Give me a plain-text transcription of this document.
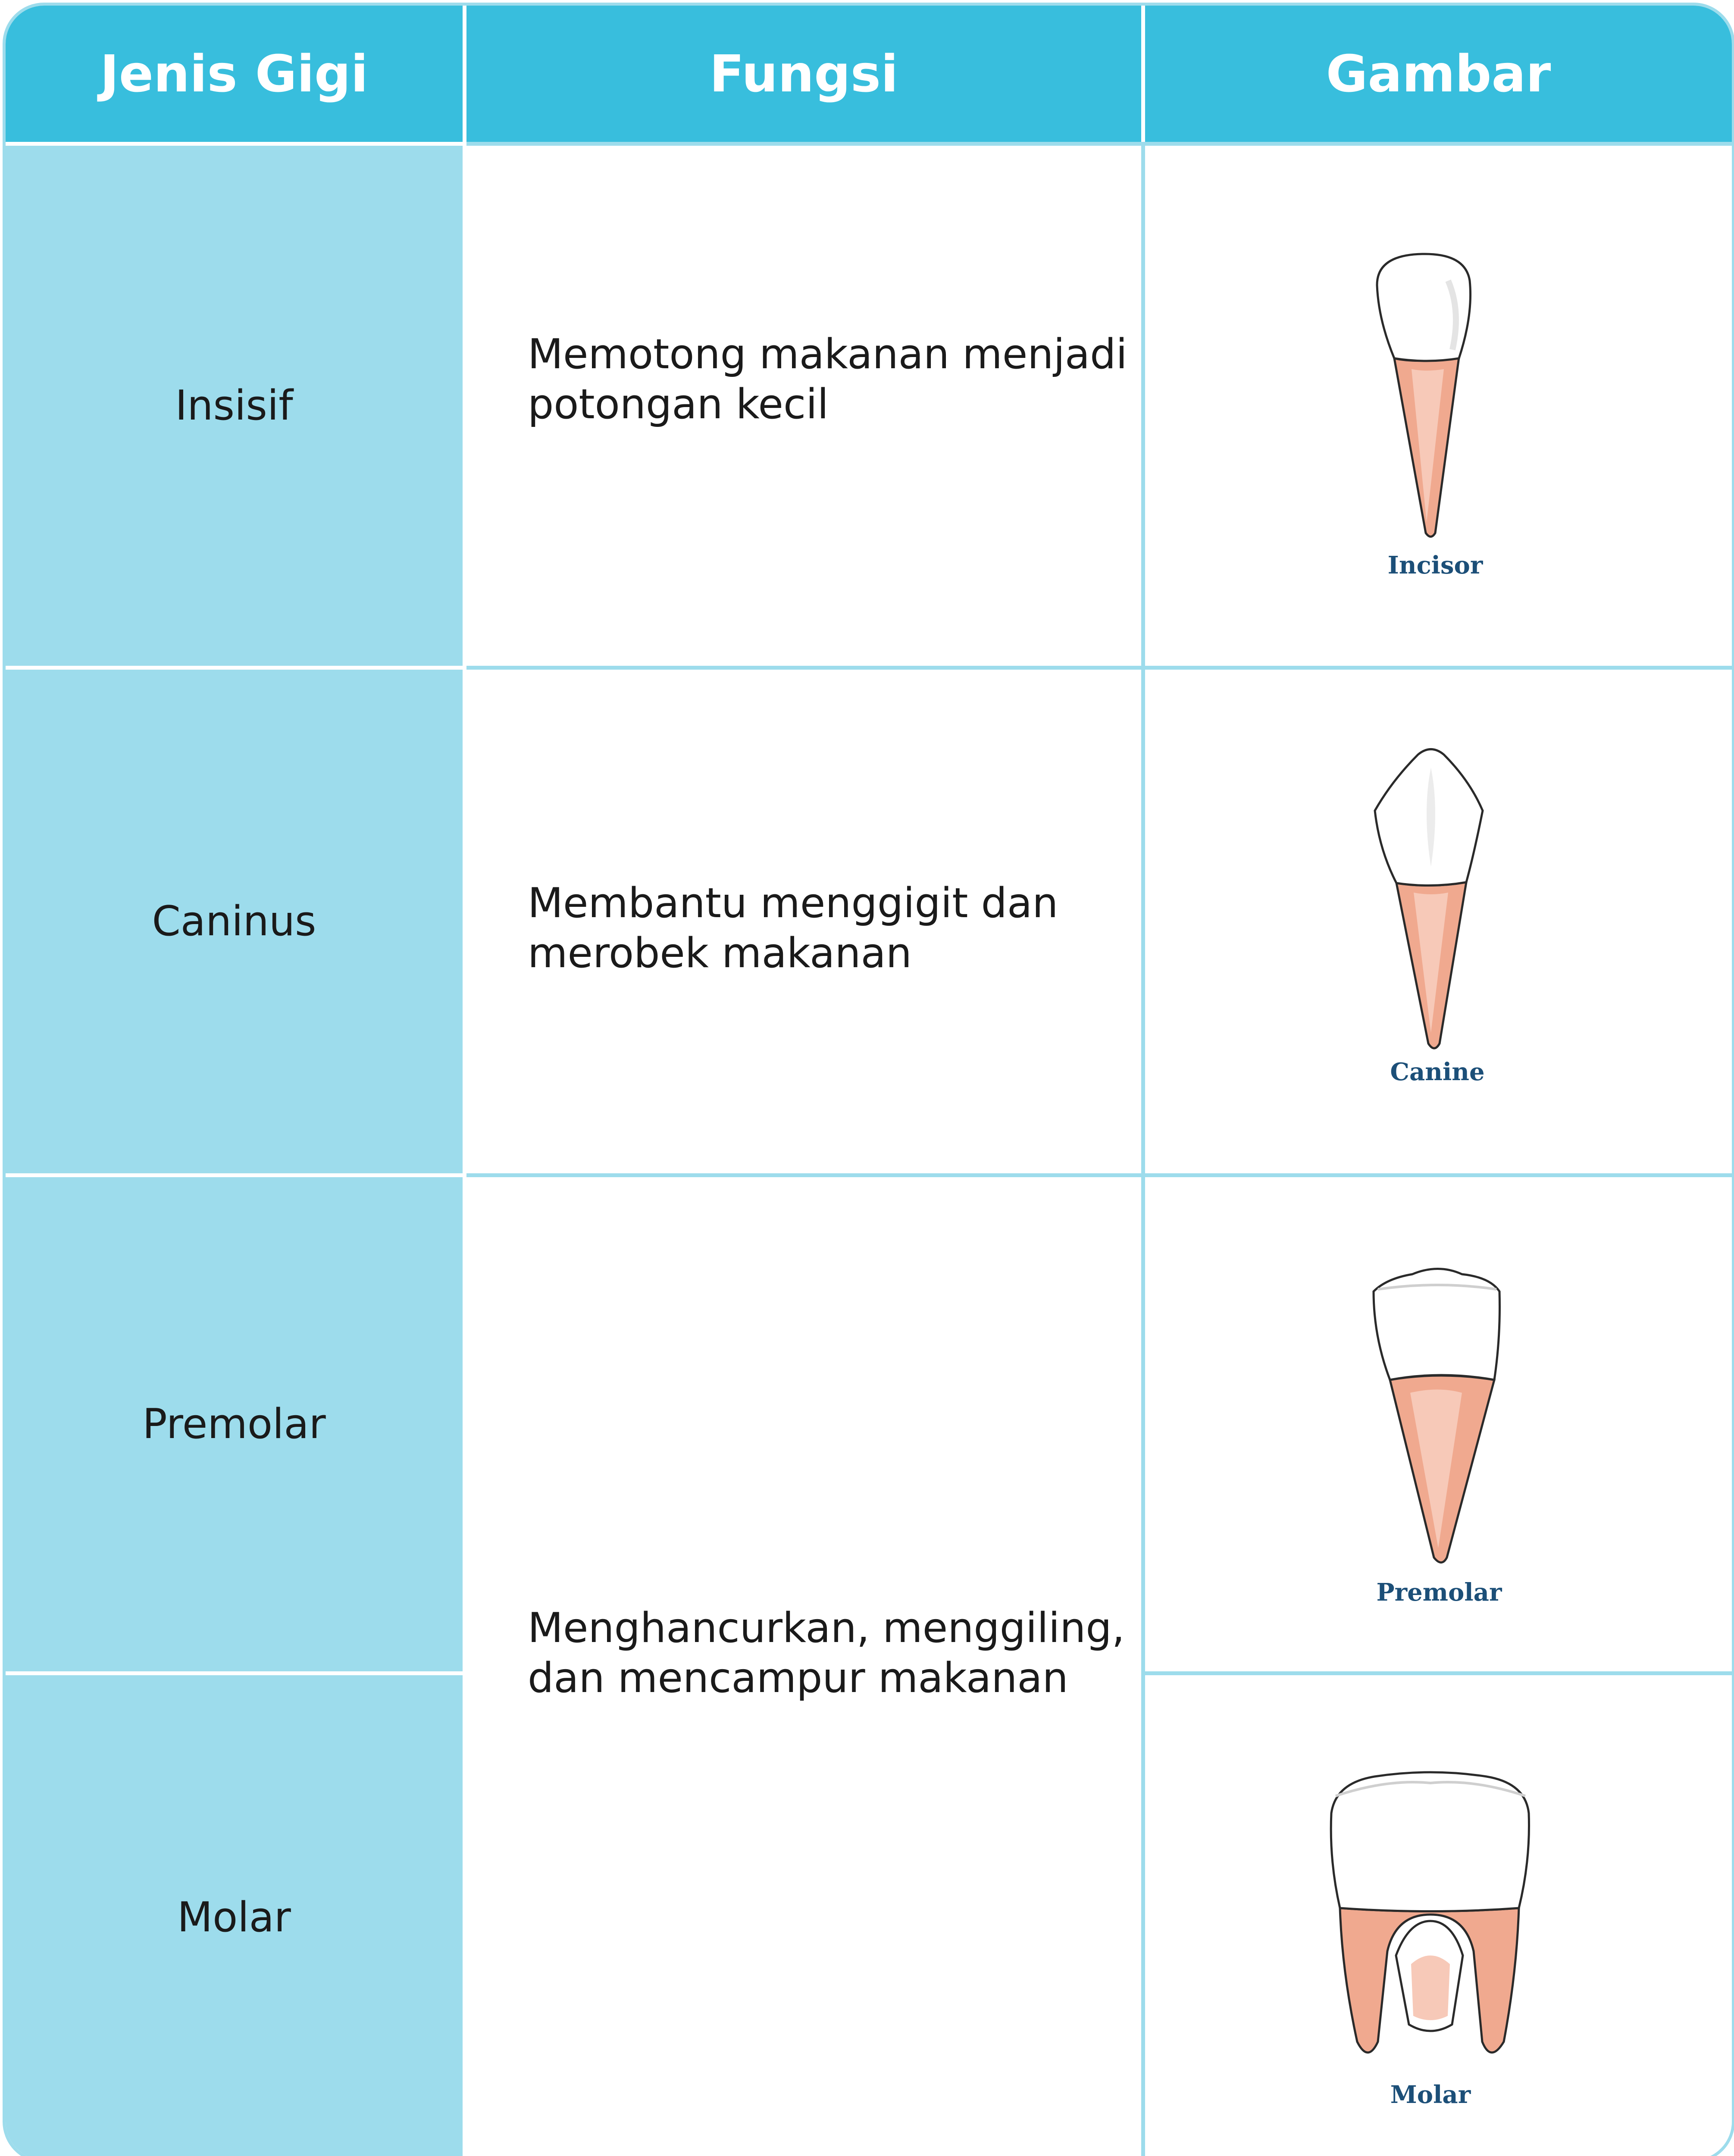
Jenis Gigi	Fungsi	Gambar
Insisif
Caninus
Premolar
Molar
Memotong makanan menjadi
potongan kecil
Membantu menggigit dan
merobek makanan
Menghancurkan, menggiling,
dan mencampur makanan
Incisor
Canine
Premolar
Molar
